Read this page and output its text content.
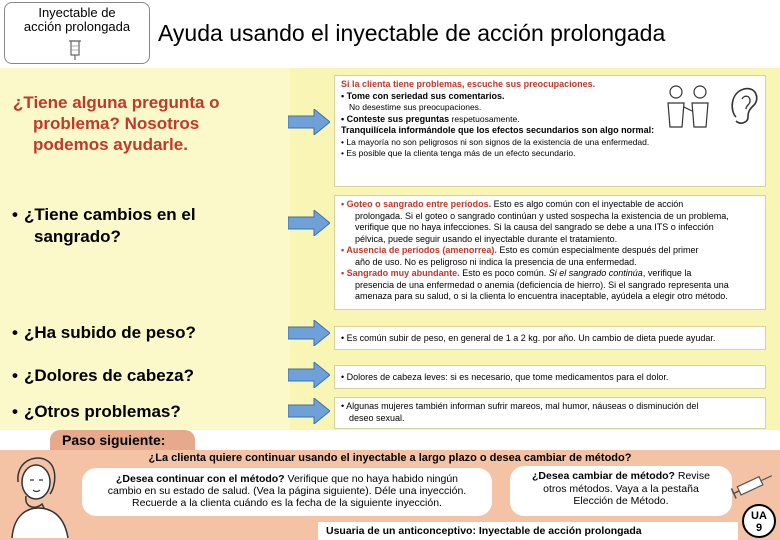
Inyectable de
acción prolongada	Ayuda usando el inyectable de acción prolongada
¿Tiene alguna pregunta o
problema? Nosotros
podemos ayudarle.
• ¿Tiene cambios en el
sangrado?
• ¿Ha subido de peso?
• ¿Dolores de cabeza?
• ¿Otros problemas?
Si la clienta tiene problemas, escuche sus preocupaciones.
• Tome con seriedad sus comentarios.
No desestime sus preocupaciones.
• Conteste sus preguntas respetuosamente.
Tranquilícela informándole que los efectos secundarios son algo normal:
• La mayoría no son peligrosos ni son signos de la existencia de una enfermedad.
• Es posible que la clienta tenga más de un efecto secundario.
• Goteo o sangrado entre períodos. Esto es algo común con el inyectable de acción
prolongada. Si el goteo o sangrado continúan y usted sospecha la existencia de un problema,
verifique que no haya infecciones. Si la causa del sangrado se debe a una ITS o infección
pélvica, puede seguir usando el inyectable durante el tratamiento.
• Ausencia de períodos (amenorrea). Esto es común especialmente después del primer
año de uso. No es peligroso ni indica la presencia de una enfermedad.
• Sangrado muy abundante. Esto es poco común. Si el sangrado continúa, verifique la
presencia de una enfermedad o anemia (deficiencia de hierro). Si el sangrado representa una
amenaza para su salud, o si la clienta lo encuentra inaceptable, ayúdela a elegir otro método.
• Es común subir de peso, en general de 1 a 2 kg. por año. Un cambio de dieta puede ayudar.
• Dolores de cabeza leves: si es necesario, que tome medicamentos para el dolor.
• Algunas mujeres también informan sufrir mareos, mal humor, náuseas o disminución del
deseo sexual.
Paso siguiente:
¿La clienta quiere continuar usando el inyectable a largo plazo o desea cambiar de método?
¿Desea continuar con el método? Verifique que no haya habido ningún
cambio en su estado de salud. (Vea la página siguiente). Déle una inyección.
Recuerde a la clienta cuándo es la fecha de la siguiente inyección.
¿Desea cambiar de método? Revise
otros métodos. Vaya a la pestaña
Elección de Método.
Usuaria de un anticonceptivo: Inyectable de acción prolongada
UA
9
